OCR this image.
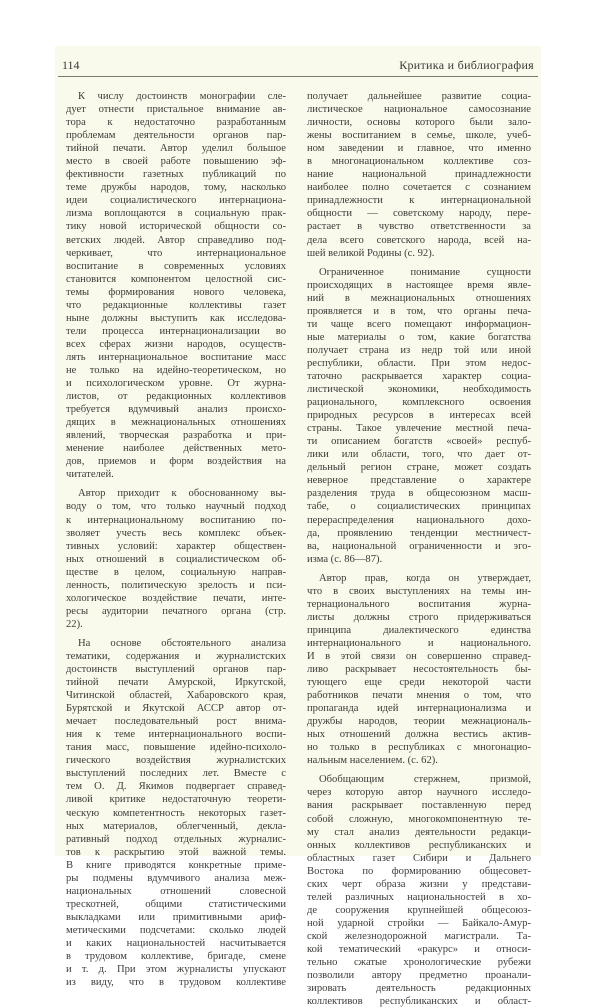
114	Критика и библиография
К числу достоинств монографии сле-
дует отнести пристальное внимание ав-
тора к недостаточно разработанным
проблемам деятельности органов пар-
тийной печати. Автор уделил большое
место в своей работе повышению эф-
фективности газетных публикаций по
теме дружбы народов, тому, насколько
идеи социалистического интернациона-
лизма воплощаются в социальную прак-
тику новой исторической общности со-
ветских людей. Автор справедливо под-
черкивает, что интернациональное
воспитание в современных условиях
становится компонентом целостной сис-
темы формирования нового человека,
что редакционные коллективы газет
ныне должны выступить как исследова-
тели процесса интернационализации во
всех сферах жизни народов, осуществ-
лять интернациональное воспитание масс
не только на идейно-теоретическом, но
и психологическом уровне. От журна-
листов, от редакционных коллективов
требуется вдумчивый анализ происхо-
дящих в межнациональных отношениях
явлений, творческая разработка и при-
менение наиболее действенных мето-
дов, приемов и форм воздействия на
читателей.
Автор приходит к обоснованному вы-
воду о том, что только научный подход
к интернациональному воспитанию по-
зволяет учесть весь комплекс объек-
тивных условий: характер обществен-
ных отношений в социалистическом об-
ществе в целом, социальную направ-
ленность, политическую зрелость и пси-
хологическое воздействие печати, инте-
ресы аудитории печатного органа (стр.
22).
На основе обстоятельного анализа
тематики, содержания и журналистских
достоинств выступлений органов пар-
тийной печати Амурской, Иркутской,
Читинской областей, Хабаровского края,
Бурятской и Якутской АССР автор от-
мечает последовательный рост внима-
ния к теме интернационального воспи-
тания масс, повышение идейно-психоло-
гического воздействия журналистских
выступлений последних лет. Вместе с
тем О. Д. Якимов подвергает справед-
ливой критике недостаточную теорети-
ческую компетентность некоторых газет-
ных материалов, облегченный, декла-
ративный подход отдельных журналис-
тов к раскрытию этой важной темы.
В книге приводятся конкретные приме-
ры подмены вдумчивого анализа меж-
национальных отношений словесной
трескотней, общими статистическими
выкладками или примитивными ариф-
метическими подсчетами: сколько людей
и каких национальностей насчитывается
в трудовом коллективе, бригаде, смене
и т. д. При этом журналисты упускают
из виду, что в трудовом коллективе
получает дальнейшее развитие социа-
листическое национальное самосознание
личности, основы которого были зало-
жены воспитанием в семье, школе, учеб-
ном заведении и главное, что именно
в многонациональном коллективе соз-
нание национальной принадлежности
наиболее полно сочетается с сознанием
принадлежности к интернациональной
общности — советскому народу, пере-
растает в чувство ответственности за
дела всего советского народа, всей на-
шей великой Родины (с. 92).
Ограниченное понимание сущности
происходящих в настоящее время явле-
ний в межнациональных отношениях
проявляется и в том, что органы печа-
ти чаще всего помещают информацион-
ные материалы о том, какие богатства
получает страна из недр той или иной
республики, области. При этом недос-
таточно раскрывается характер социа-
листической экономики, необходимость
рационального, комплексного освоения
природных ресурсов в интересах всей
страны. Такое увлечение местной печа-
ти описанием богатств «своей» респуб-
лики или области, того, что дает от-
дельный регион стране, может создать
неверное представление о характере
разделения труда в общесоюзном масш-
табе, о социалистических принципах
перераспределения национального дохо-
да, проявлению тенденции местничест-
ва, национальной ограниченности и эго-
изма (с. 86—87).
Автор прав, когда он утверждает,
что в своих выступлениях на темы ин-
тернационального воспитания журна-
листы должны строго придерживаться
принципа диалектического единства
интернационального и национального.
И в этой связи он совершенно справед-
ливо раскрывает несостоятельность бы-
тующего еще среди некоторой части
работников печати мнения о том, что
пропаганда идей интернационализма и
дружбы народов, теории межнациональ-
ных отношений должна вестись актив-
но только в республиках с многонацио-
нальным населением. (с. 62).
Обобщающим стержнем, призмой,
через которую автор научного исследо-
вания раскрывает поставленную перед
собой сложную, многокомпонентную те-
му стал анализ деятельности редакци-
онных коллективов республиканских и
областных газет Сибири и Дальнего
Востока по формированию общесовет-
ских черт образа жизни у представи-
телей различных национальностей в хо-
де сооружения крупнейшей общесоюз-
ной ударной стройки — Байкало-Амур-
ской железнодорожной магистрали. Та-
кой тематический «ракурс» и относи-
тельно сжатые хронологические рубежи
позволили автору предметно проанали-
зировать деятельность редакционных
коллективов республиканских и област-
